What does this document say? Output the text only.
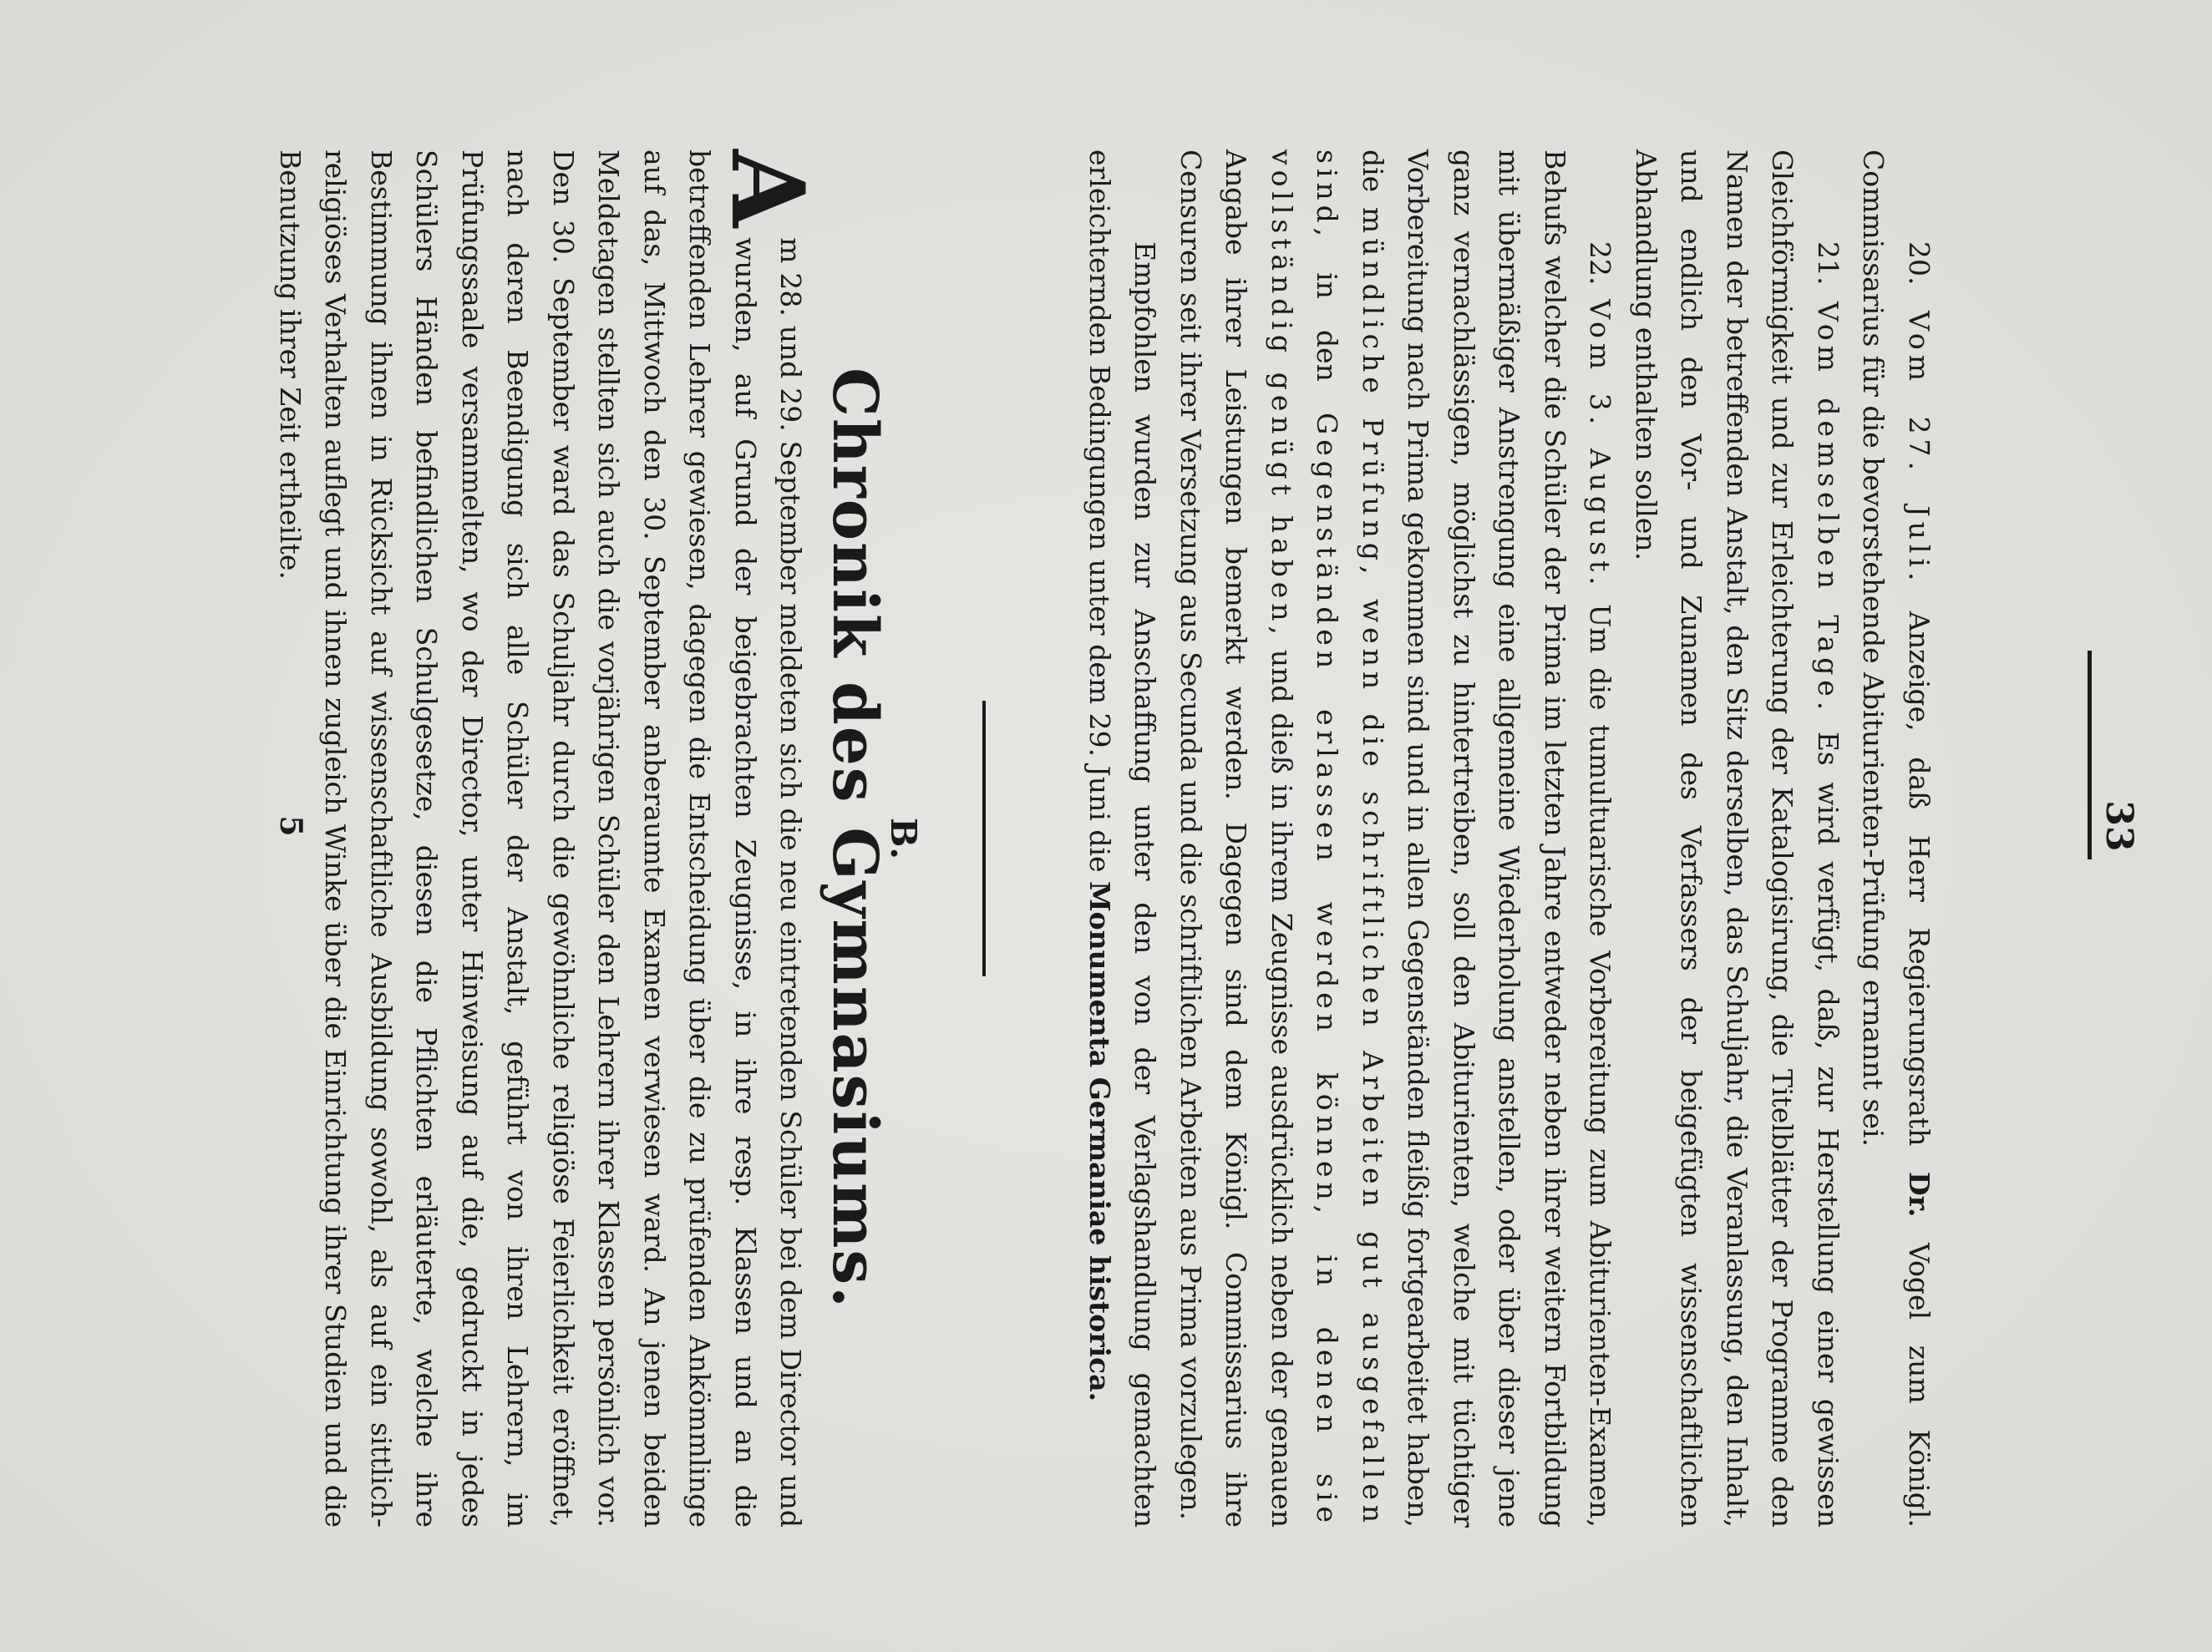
33

20. Vom 27. Juli. Anzeige, daß Herr Regierungsrath Dr. Vogel zum Königl. Commissarius für die bevorstehende Abiturienten-Prüfung ernannt sei.

21. Vom demselben Tage. Es wird verfügt, daß, zur Herstellung einer gewissen Gleichförmigkeit und zur Erleichterung der Katalogisirung, die Titelblätter der Programme den Namen der betreffenden Anstalt, den Sitz derselben, das Schuljahr, die Veranlassung, den Inhalt, und endlich den Vor- und Zunamen des Verfassers der beigefügten wissenschaftlichen Abhandlung enthalten sollen.

22. Vom 3. August. Um die tumultuarische Vorbereitung zum Abiturienten-Examen, Behufs welcher die Schüler der Prima im letzten Jahre entweder neben ihrer weitern Fortbildung mit übermäßiger Anstrengung eine allgemeine Wiederholung anstellen, oder über dieser jene ganz vernachlässigen, möglichst zu hintertreiben, soll den Abiturienten, welche mit tüchtiger Vorbereitung nach Prima gekommen sind und in allen Gegenständen fleißig fortgearbeitet haben, die mündliche Prüfung, wenn die schriftlichen Arbeiten gut ausgefallen sind, in den Gegenständen erlassen werden können, in denen sie vollständig genügt haben, und dieß in ihrem Zeugnisse ausdrücklich neben der genauen Angabe ihrer Leistungen bemerkt werden. Dagegen sind dem Königl. Commissarius ihre Censuren seit ihrer Versetzung aus Secunda und die schriftlichen Arbeiten aus Prima vorzulegen.

Empfohlen wurden zur Anschaffung unter den von der Verlagshandlung gemachten erleichternden Bedingungen unter dem 29. Juni die Monumenta Germaniae historica.

B.
Chronik des Gymnasiums.
A
m 28. und 29. September meldeten sich die neu eintretenden Schüler bei dem Director und wurden, auf Grund der beigebrachten Zeugnisse, in ihre resp. Klassen und an die betreffenden Lehrer gewiesen, dagegen die Entscheidung über die zu prüfenden Ankömmlinge auf das, Mittwoch den 30. September anberaumte Examen verwiesen ward. An jenen beiden Meldetagen stellten sich auch die vorjährigen Schüler den Lehrern ihrer Klassen persönlich vor. Den 30. September ward das Schuljahr durch die gewöhnliche religiöse Feierlichkeit eröffnet, nach deren Beendigung sich alle Schüler der Anstalt, geführt von ihren Lehrern, im Prüfungssaale versammelten, wo der Director, unter Hinweisung auf die, gedruckt in jedes Schülers Händen befindlichen Schulgesetze, diesen die Pflichten erläuterte, welche ihre Bestimmung ihnen in Rücksicht auf wissenschaftliche Ausbildung sowohl, als auf ein sittlich-religiöses Verhalten auflegt und ihnen zugleich Winke über die Einrichtung ihrer Studien und die Benutzung ihrer Zeit ertheilte.
5
